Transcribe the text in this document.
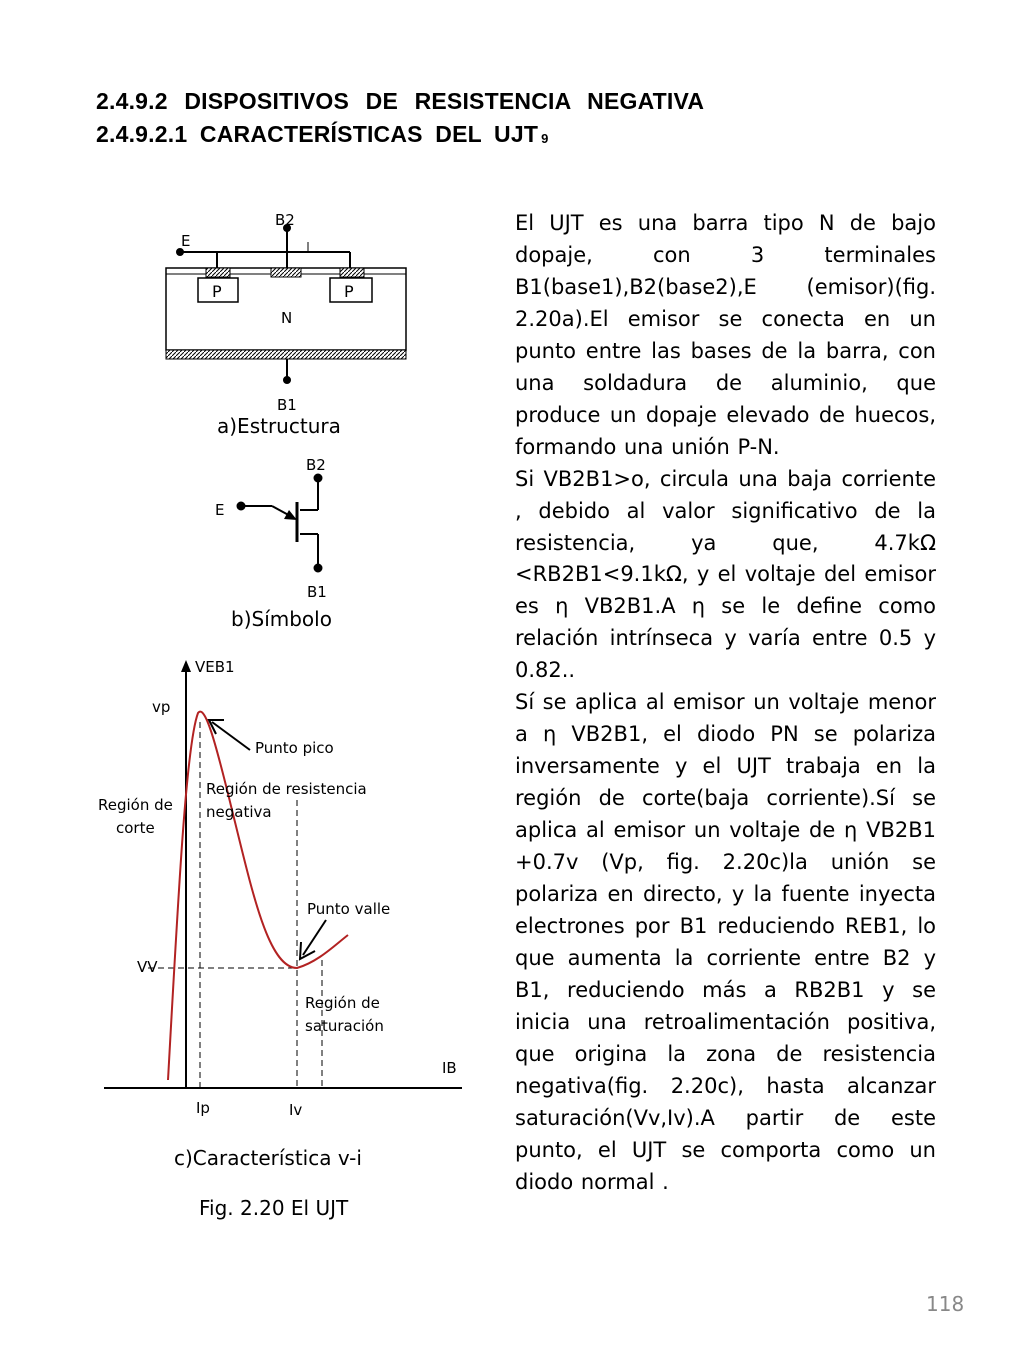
2.4.9.2 DISPOSITIVOS DE RESISTENCIA NEGATIVA
2.4.9.2.1 CARACTERÍSTICAS DEL UJT $^9$
B2
E
P	P
N
B1
a)Estructura
B2
E
B1
b)Símbolo
VEB1
vp
Punto pico
Región de resistencia
negativa
Región de
corte
Punto valle
VV
Región de
saturación
IB
Ip	Iv
c)Característica v-i
Fig. 2.20 El UJT

El UJT es una barra tipo N de bajo dopaje, con 3 terminales B1(base1),B2(base2),E (emisor)(fig. 2.20a).El emisor se conecta en un punto entre las bases de la barra, con una soldadura de aluminio, que produce un dopaje elevado de huecos, formando una unión P-N.

Si VB2B1>o, circula una baja corriente , debido al valor significativo de la resistencia, ya que, 4.7kΩ <RB2B1<9.1kΩ, y el voltaje del emisor es η VB2B1.A η se le define como relación intrínseca y varía entre 0.5 y 0.82..

Sí se aplica al emisor un voltaje menor a η VB2B1, el diodo PN se polariza inversamente y el UJT trabaja en la región de corte(baja corriente).Sí se aplica al emisor un voltaje de η VB2B1 +0.7v (Vp, fig. 2.20c)la unión se polariza en directo, y la fuente inyecta electrones por B1 reduciendo REB1, lo que aumenta la corriente entre B2 y B1, reduciendo más a RB2B1 y se inicia una retroalimentación positiva, que origina la zona de resistencia negativa(fig. 2.20c), hasta alcanzar saturación(Vv,Iv).A partir de este punto, el UJT se comporta como un diodo normal .

118
